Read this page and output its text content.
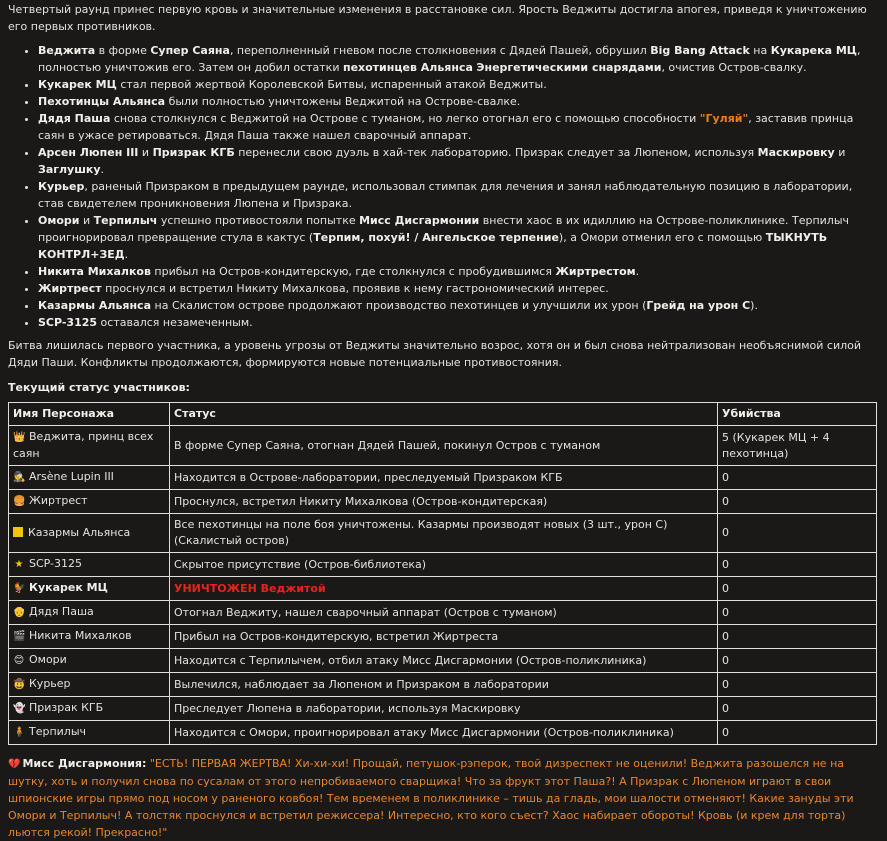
Четвертый раунд принес первую кровь и значительные изменения в расстановке сил. Ярость Веджиты достигла апогея, приведя к уничтожению его первых противников.

• Веджита в форме Супер Саяна, переполненный гневом после столкновения с Дядей Пашей, обрушил Big Bang Attack на Кукарека МЦ, полностью уничтожив его. Затем он добил остатки пехотинцев Альянса Энергетическими снарядами, очистив Остров-свалку.
• Кукарек МЦ стал первой жертвой Королевской Битвы, испаренный атакой Веджиты.
• Пехотинцы Альянса были полностью уничтожены Веджитой на Острове-свалке.
• Дядя Паша снова столкнулся с Веджитой на Острове с туманом, но легко отогнал его с помощью способности "Гуляй", заставив принца саян в ужасе ретироваться. Дядя Паша также нашел сварочный аппарат.
• Арсен Люпен III и Призрак КГБ перенесли свою дуэль в хай-тек лабораторию. Призрак следует за Люпеном, используя Маскировку и Заглушку.
• Курьер, раненый Призраком в предыдущем раунде, использовал стимпак для лечения и занял наблюдательную позицию в лаборатории, став свидетелем проникновения Люпена и Призрака.
• Омори и Терпилыч успешно противостояли попытке Мисс Дисгармонии внести хаос в их идиллию на Острове-поликлинике. Терпилыч проигнорировал превращение стула в кактус (Терпим, похуй! / Ангельское терпение), а Омори отменил его с помощью ТЫКНУТЬ КОНТРЛ+ЗЕД.
• Никита Михалков прибыл на Остров-кондитерскую, где столкнулся с пробудившимся Жиртрестом.
• Жиртрест проснулся и встретил Никиту Михалкова, проявив к нему гастрономический интерес.
• Казармы Альянса на Скалистом острове продолжают производство пехотинцев и улучшили их урон (Грейд на урон С).
• SCP-3125 оставался незамеченным.

Битва лишилась первого участника, а уровень угрозы от Веджиты значительно возрос, хотя он и был снова нейтрализован необъяснимой силой Дяди Паши. Конфликты продолжаются, формируются новые потенциальные противостояния.

Текущий статус участников:

Имя Персонажа	Статус	Убийства
👑 Веджита, принц всех саян	В форме Супер Саяна, отогнан Дядей Пашей, покинул Остров с туманом	5 (Кукарек МЦ + 4 пехотинца)
🕵 Arsène Lupin III	Находится в Острове-лаборатории, преследуемый Призраком КГБ	0
🍔 Жиртрест	Проснулся, встретил Никиту Михалкова (Остров-кондитерская)	0
Казармы Альянса	Все пехотинцы на поле боя уничтожены. Казармы производят новых (3 шт., урон С) (Скалистый остров)	0
★ SCP-3125	Скрытое присутствие (Остров-библиотека)	0
🐓 Кукарек МЦ	УНИЧТОЖЕН Веджитой	0
👴 Дядя Паша	Отогнал Веджиту, нашел сварочный аппарат (Остров с туманом)	0
🎬 Никита Михалков	Прибыл на Остров-кондитерскую, встретил Жиртреста	0
😊 Омори	Находится с Терпилычем, отбил атаку Мисс Дисгармонии (Остров-поликлиника)	0
🤠 Курьер	Вылечился, наблюдает за Люпеном и Призраком в лаборатории	0
👻 Призрак КГБ	Преследует Люпена в лаборатории, используя Маскировку	0
🧍 Терпилыч	Находится с Омори, проигнорировал атаку Мисс Дисгармонии (Остров-поликлиника)	0

💔 Мисс Дисгармония: "ЕСТЬ! ПЕРВАЯ ЖЕРТВА! Хи-хи-хи! Прощай, петушок-рэперок, твой дизреспект не оценили! Веджита разошелся не на шутку, хоть и получил снова по сусалам от этого непробиваемого сварщика! Что за фрукт этот Паша?! А Призрак с Люпеном играют в свои шпионские игры прямо под носом у раненого ковбоя! Тем временем в поликлинике – тишь да гладь, мои шалости отменяют! Какие зануды эти Омори и Терпилыч! А толстяк проснулся и встретил режиссера! Интересно, кто кого съест? Хаос набирает обороты! Кровь (и крем для торта) льются рекой! Прекрасно!"
